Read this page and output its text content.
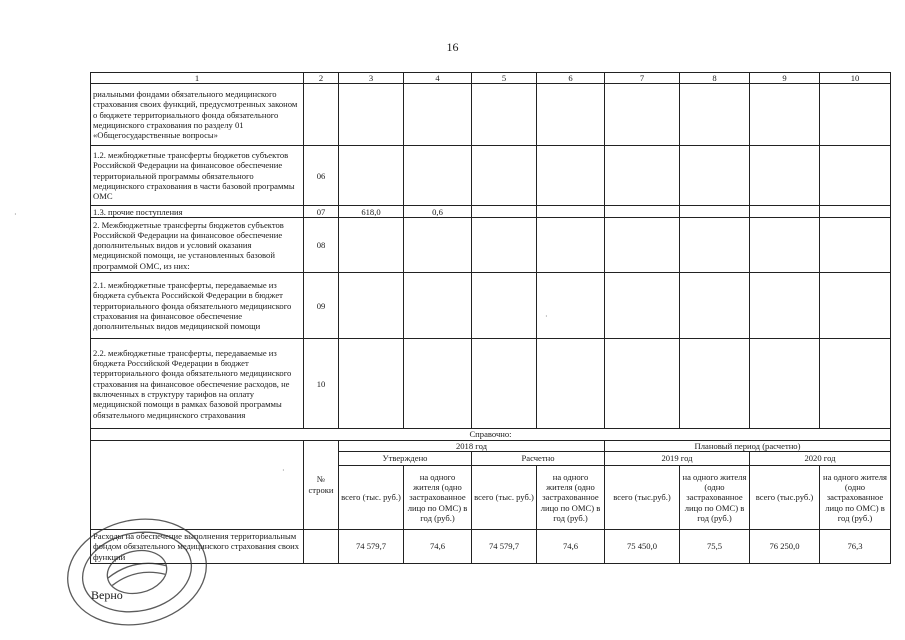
16
1	2	3	4	5	6	7	8	9	10
риальными фондами обязательного медицинского страхования своих функций, предусмотренных законом о бюджете территориального фонда обязательного медицинского страхования по разделу 01 «Общегосударственные вопросы»									
1.2. межбюджетные трансферты бюджетов субъектов Российской Федерации на финансовое обеспечение территориальной программы обязательного медицинского страхования в части базовой программы ОМС	06								
1.3. прочие поступления	07	618,0	0,6						
2. Межбюджетные трансферты бюджетов субъектов Российской Федерации на финансовое обеспечение дополнительных видов и условий оказания медицинской помощи, не установленных базовой программой ОМС, из них:	08								
2.1. межбюджетные трансферты, передаваемые из бюджета субъекта Российской Федерации в бюджет территориального фонда обязательного медицинского страхования на финансовое обеспечение дополнительных видов медицинской помощи	09								
2.2. межбюджетные трансферты, передаваемые из бюджета Российской Федерации в бюджет территориального фонда обязательного медицинского страхования на финансовое обеспечение расходов, не включенных в структуру тарифов на оплату медицинской помощи в рамках базовой программы обязательного медицинского страхования	10								
Справочно:									
	№ строки	2018 год				Плановый период (расчетно)			
		Утверждено		Расчетно		2019 год		2020 год	
		всего (тыс. руб.)	на одного жителя (одно застрахованное лицо по ОМС) в год (руб.)	всего (тыс. руб.)	на одного жителя (одно застрахованное лицо по ОМС) в год (руб.)	всего (тыс.руб.)	на одного жителя (одно застрахованное лицо по ОМС) в год (руб.)	всего (тыс.руб.)	на одного жителя (одно застрахованное лицо по ОМС) в год (руб.)
Расходы на обеспечение выполнения территориальным фондом обязательного медицинского страхования своих функций		74 579,7	74,6	74 579,7	74,6	75 450,0	75,5	76 250,0	76,3
Верно
·
·
·
